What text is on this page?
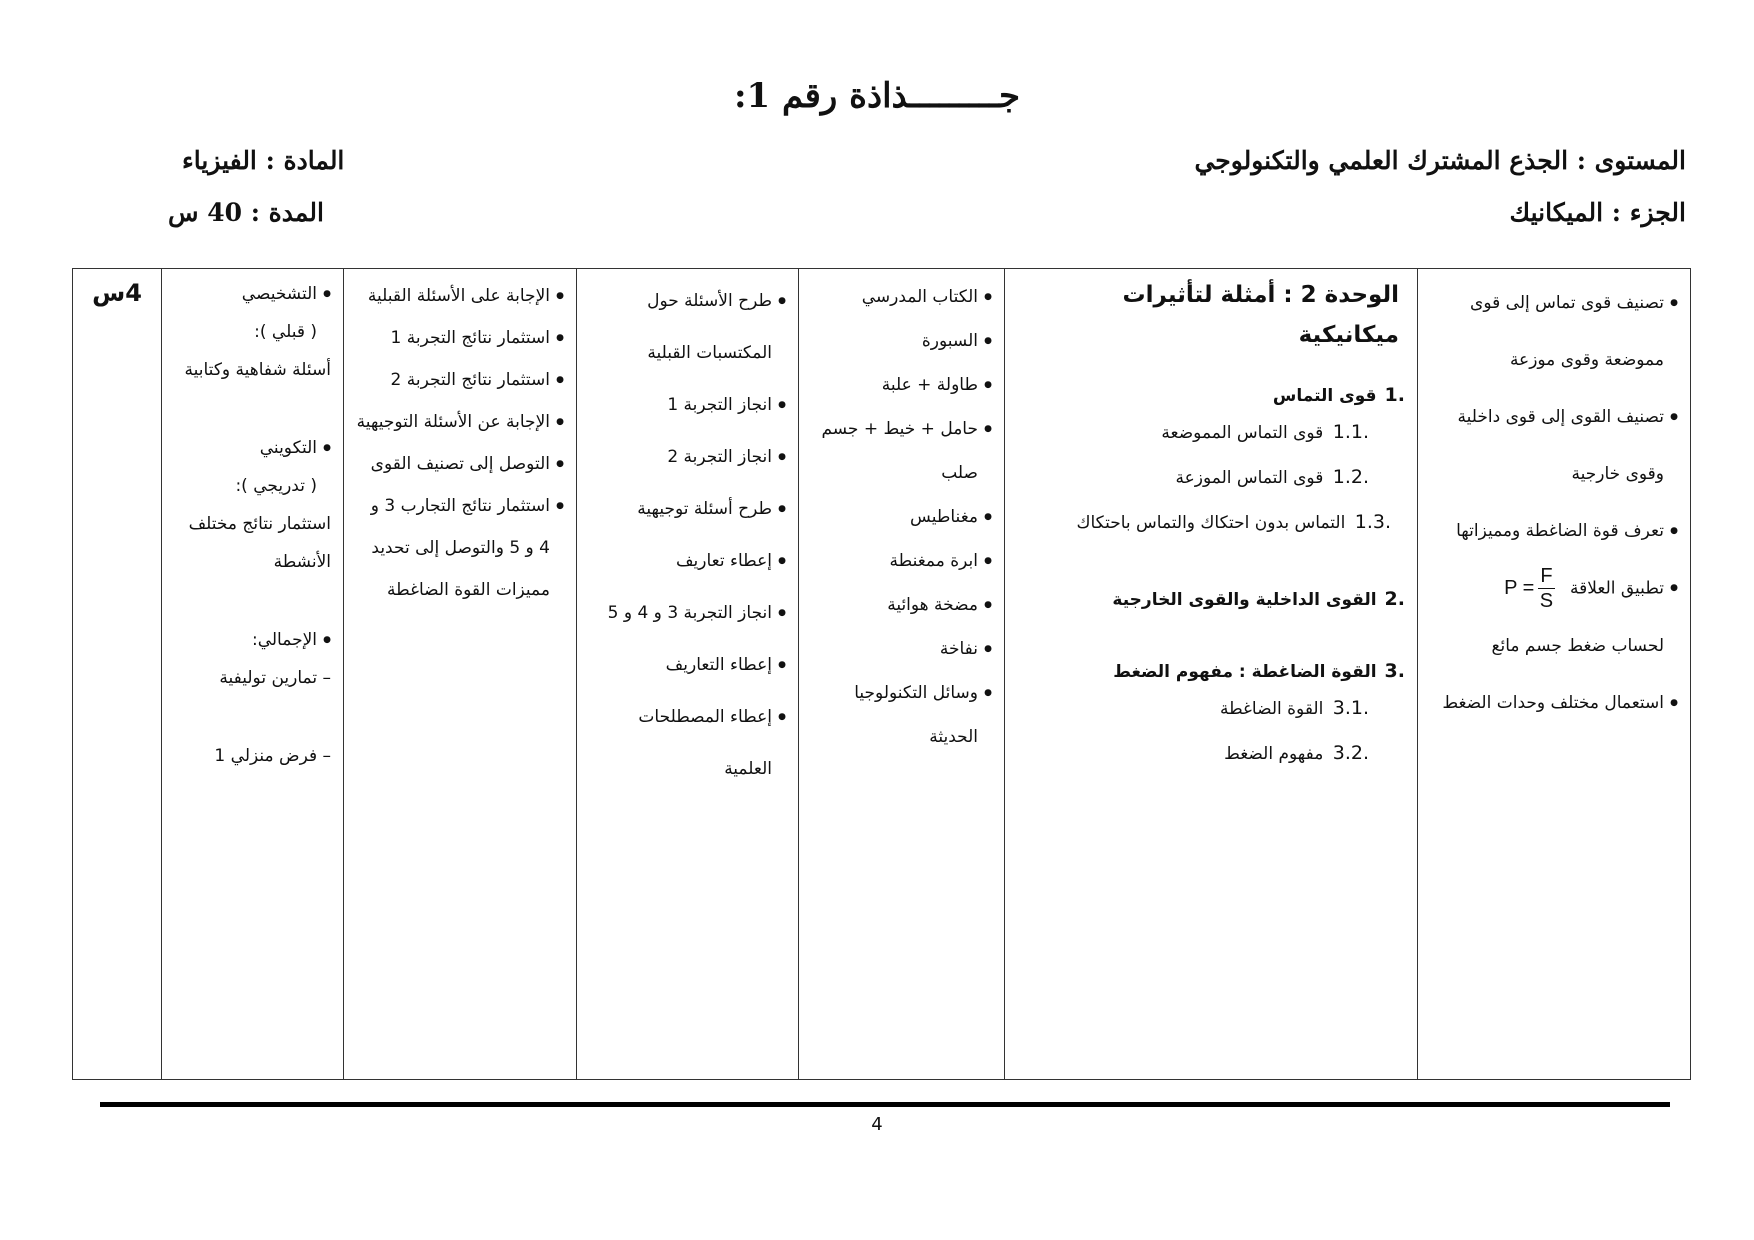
جـــــــــذاذة رقم 1:
المستوى : الجذع المشترك العلمي والتكنولوجي
المادة : الفيزياء
الجزء : الميكانيك
المدة : 40 س
● تصنيف قوى تماس إلى قوى مموضعة وقوى موزعة
● تصنيف القوى إلى قوى داخلية وقوى خارجية
● تعرف قوة الضاغطة ومميزاتها
● تطبيق العلاقة
$P = \frac{F}{S}$
لحساب ضغط جسم مائع
● استعمال مختلف وحدات الضغط

الوحدة 2 : أمثلة لتأثيرات ميكانيكية
.1قوى التماس
.1.1 قوى التماس المموضعة
.1.2 قوى التماس الموزعة
.1.3 التماس بدون احتكاك والتماس باحتكاك
.2القوى الداخلية والقوى الخارجية
.3القوة الضاغطة : مفهوم الضغط
.3.1 القوة الضاغطة
.3.2 مفهوم الضغط

● الكتاب المدرسي
● السبورة
● طاولة + علبة
● حامل + خيط + جسم صلب
● مغناطيس
● ابرة ممغنطة
● مضخة هوائية
● نفاخة
● وسائل التكنولوجيا الحديثة

● طرح الأسئلة حول المكتسبات القبلية
● انجاز التجربة 1
● انجاز التجربة 2
● طرح أسئلة توجيهية
● إعطاء تعاريف
● انجاز التجربة 3 و 4 و 5
● إعطاء التعاريف
● إعطاء المصطلحات العلمية

● الإجابة على الأسئلة القبلية
● استثمار نتائج التجربة 1
● استثمار نتائج التجربة 2
● الإجابة عن الأسئلة التوجيهية
● التوصل إلى تصنيف القوى
● استثمار نتائج التجارب 3 و 4 و 5 والتوصل إلى تحديد مميزات القوة الضاغطة

● التشخيصي
( قبلي ):
أسئلة شفاهية وكتابية
● التكويني
( تدريجي ):
استثمار نتائج مختلف الأنشطة
● الإجمالي:
– تمارين توليفية
– فرض منزلي 1
	4س
4
